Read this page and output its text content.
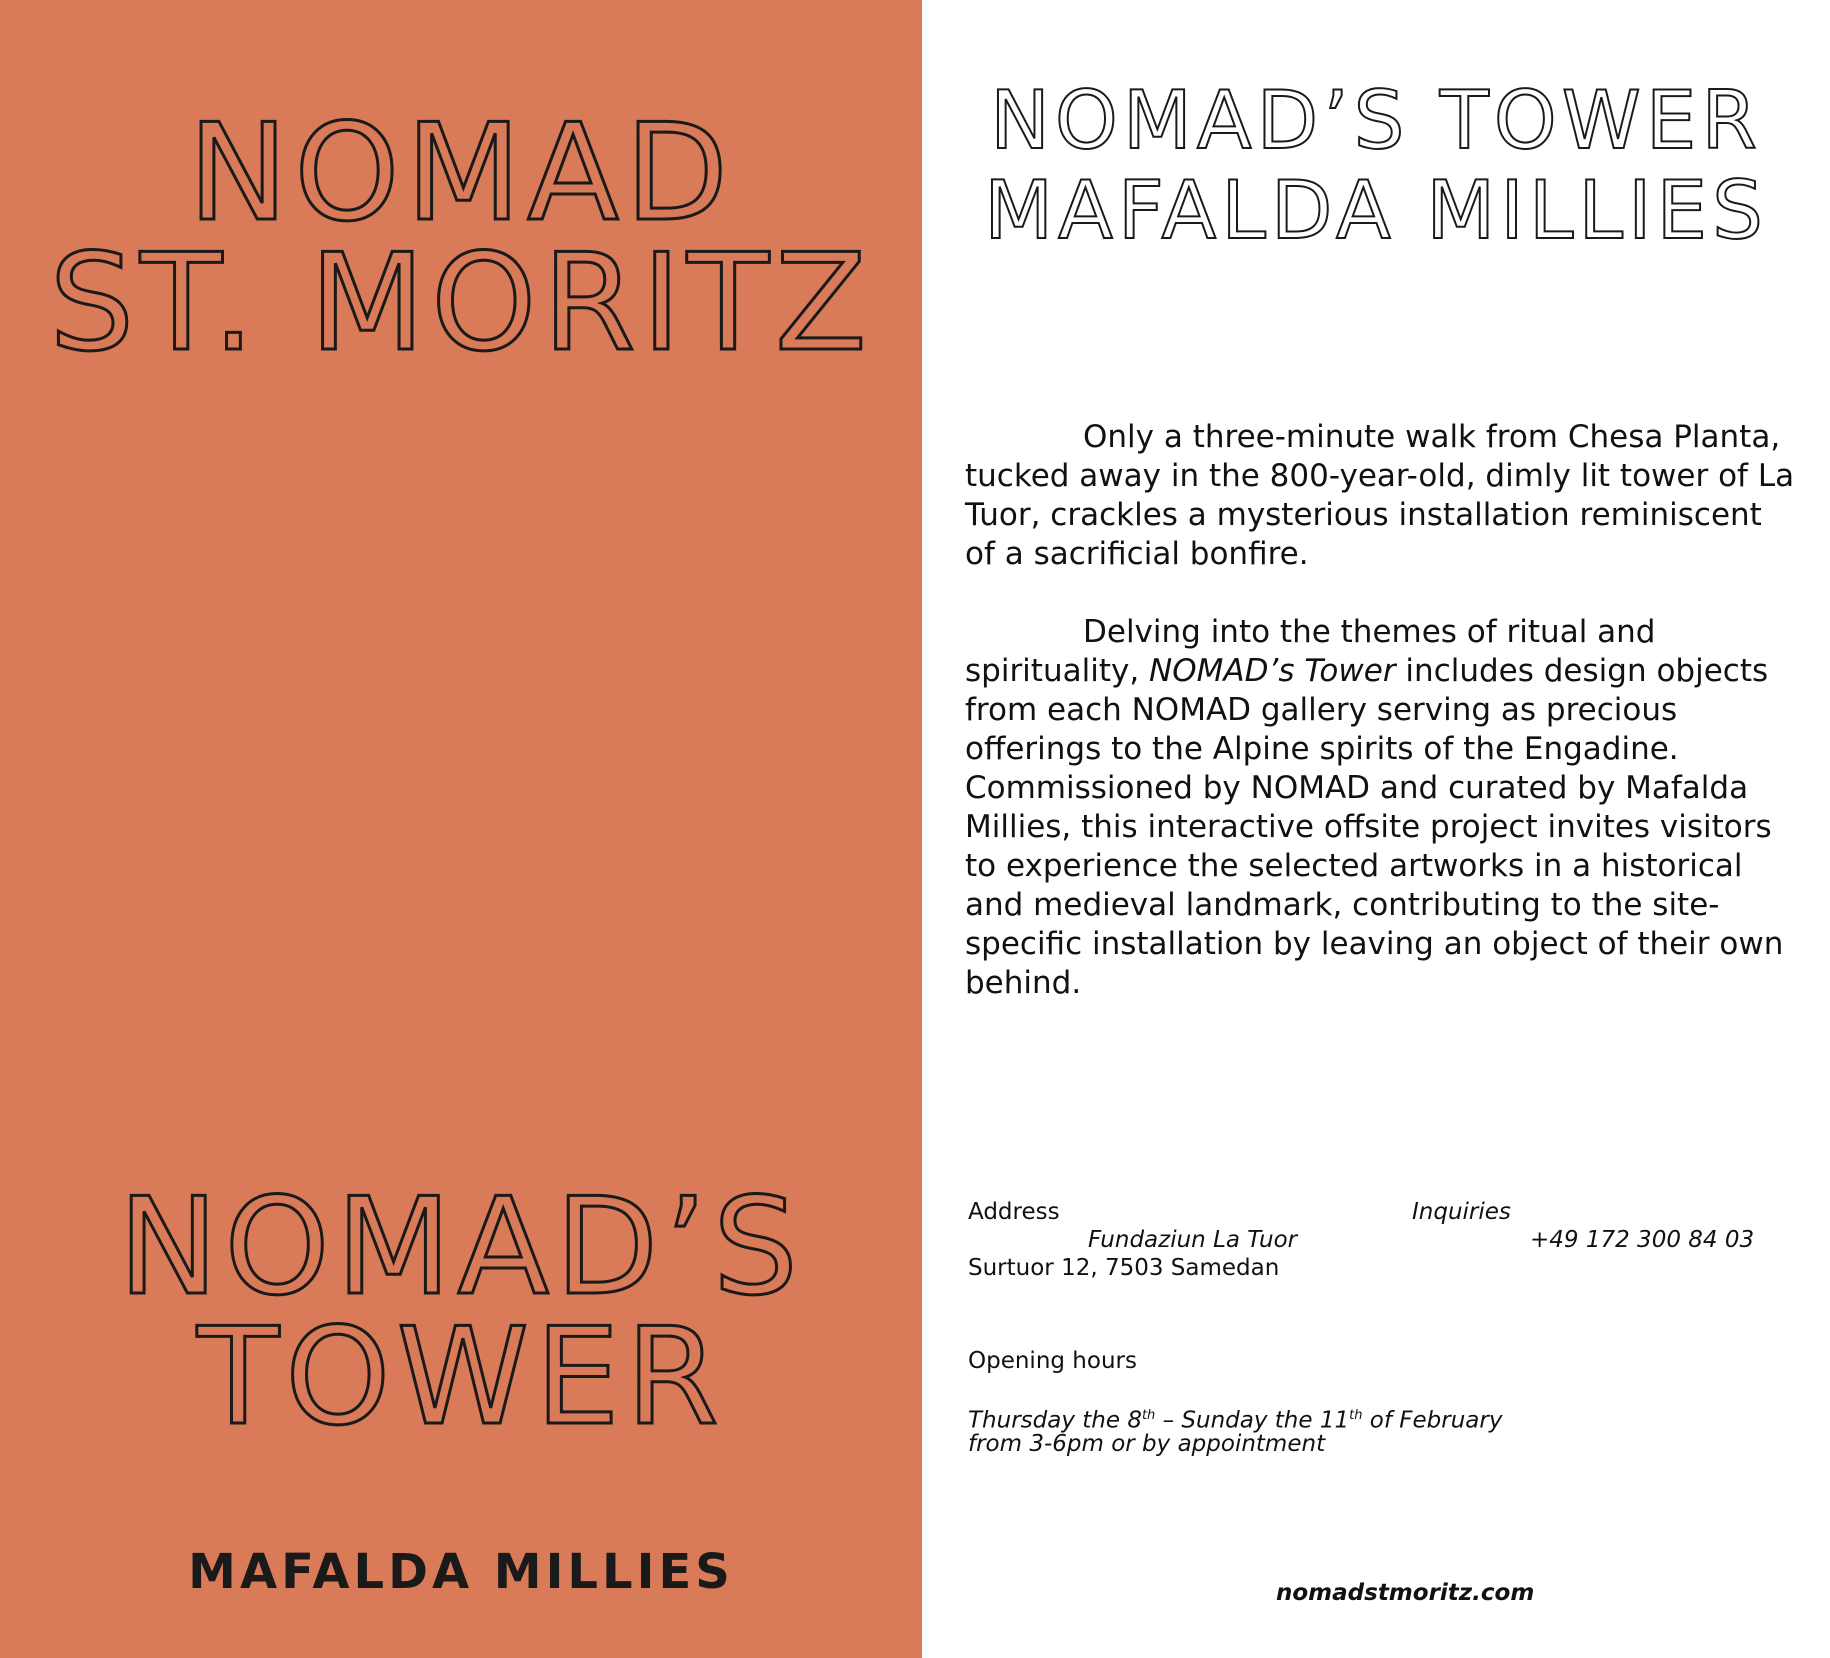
NOMAD
ST. MORITZ
NOMAD’S
TOWER
MAFALDA MILLIES
NOMAD’S TOWER
MAFALDA MILLIES

Only a three-minute walk from Chesa Planta, tucked away in the 800-year-old, dimly lit tower of La Tuor, crackles a mysterious installation reminiscent of a sacrificial bonfire.

Delving into the themes of ritual and spirituality, NOMAD’s Tower includes design objects from each NOMAD gallery serving as precious offerings to the Alpine spirits of the Engadine. Commissioned by NOMAD and curated by Mafalda Millies, this interactive offsite project invites visitors to experience the selected artworks in a historical and medieval landmark, contributing to the site-specific installation by leaving an object of their own behind.

Address
Fundaziun La Tuor
Surtuor 12, 7503 Samedan
Inquiries
+49 172 300 84 03
Opening hours
Thursday the 8th – Sunday the 11th of February
from 3-6pm or by appointment
nomadstmoritz.com
